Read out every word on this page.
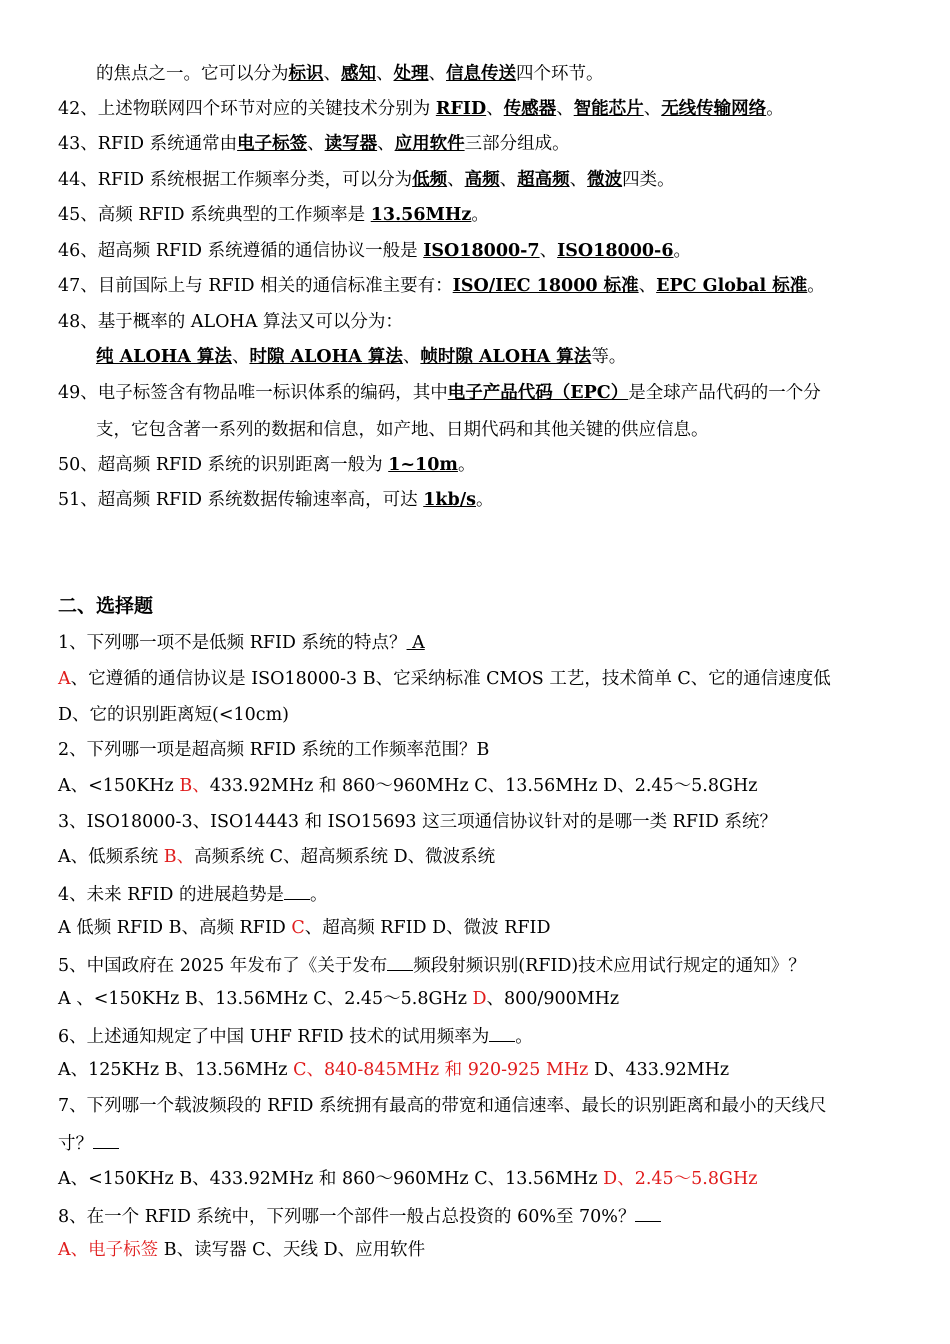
的焦点之一。它可以分为标识、感知、处理、信息传送四个环节。
42、上述物联网四个环节对应的关键技术分别为 RFID、传感器、智能芯片、无线传输网络。
43、RFID 系统通常由电子标签、读写器、应用软件三部分组成。
44、RFID 系统根据工作频率分类，可以分为低频、高频、超高频、微波四类。
45、高频 RFID 系统典型的工作频率是 13.56MHz。
46、超高频 RFID 系统遵循的通信协议一般是 ISO18000-7、ISO18000-6。
47、目前国际上与 RFID 相关的通信标准主要有：ISO/IEC 18000 标准、EPC Global 标准。
48、基于概率的 ALOHA 算法又可以分为：
纯 ALOHA 算法、时隙 ALOHA 算法、帧时隙 ALOHA 算法等。
49、电子标签含有物品唯一标识体系的编码，其中电子产品代码（EPC）是全球产品代码的一个分
支，它包含著一系列的数据和信息，如产地、日期代码和其他关键的供应信息。
50、超高频 RFID 系统的识别距离一般为 1~10m。
51、超高频 RFID 系统数据传输速率高，可达 1kb/s。
二、选择题
1、下列哪一项不是低频 RFID 系统的特点？ A
A、它遵循的通信协议是 ISO18000-3 B、它采纳标准 CMOS 工艺，技术简单 C、它的通信速度低
D、它的识别距离短(<10cm)
2、下列哪一项是超高频 RFID 系统的工作频率范围？B
A、<150KHz B、433.92MHz 和 860～960MHz C、13.56MHz D、2.45～5.8GHz
3、ISO18000-3、ISO14443 和 ISO15693 这三项通信协议针对的是哪一类 RFID 系统？
A、低频系统 B、高频系统 C、超高频系统 D、微波系统
4、未来 RFID 的进展趋势是 。
A 低频 RFID B、高频 RFID C、超高频 RFID D、微波 RFID
5、中国政府在 2025 年发布了《关于发布 频段射频识别(RFID)技术应用试行规定的通知》？
A 、<150KHz B、13.56MHz C、2.45～5.8GHz D、800/900MHz
6、上述通知规定了中国 UHF RFID 技术的试用频率为 。
A、125KHz B、13.56MHz C、840-845MHz 和 920-925 MHz D、433.92MHz
7、下列哪一个载波频段的 RFID 系统拥有最高的带宽和通信速率、最长的识别距离和最小的天线尺
寸？
A、<150KHz B、433.92MHz 和 860～960MHz C、13.56MHz D、2.45～5.8GHz
8、在一个 RFID 系统中，下列哪一个部件一般占总投资的 60%至 70%？
A、电子标签 B、读写器 C、天线 D、应用软件
